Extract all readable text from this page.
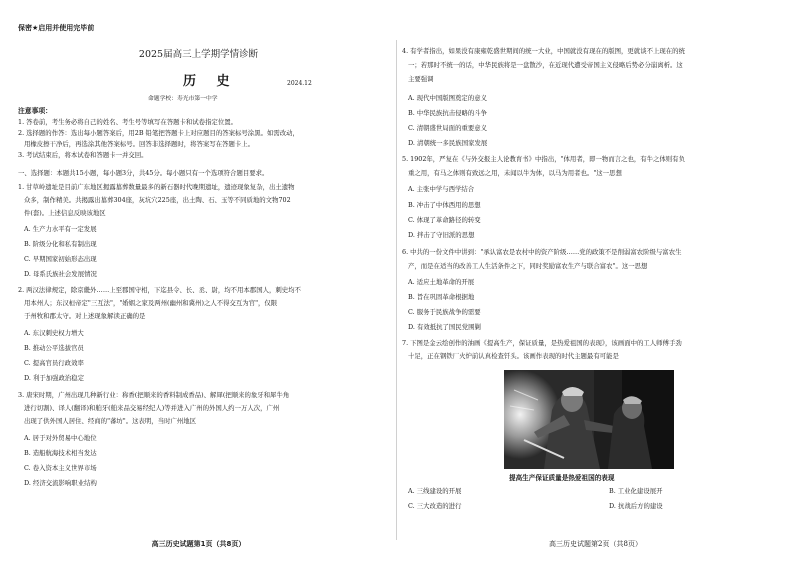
保密★启用并使用完毕前
2025届高三上学期学情诊断
历 史	2024.12
命题学校：寿光市第一中学
注意事项：
1. 答卷前，考生务必将自己的姓名、考生号等填写在答题卡和试卷指定位置。
2. 选择题的作答：选出每小题答案后，用2B 铅笔把答题卡上对应题目的答案标号涂黑。如需改动，
用橡皮擦干净后，再选涂其他答案标号。回答非选择题时，将答案写在答题卡上。
3. 考试结束后，将本试卷和答题卡一并交回。
一、选择题：本题共15小题，每小题3分，共45分。每小题只有一个选项符合题目要求。
1. 甘草岭遗址是目前广东地区揭露墓葬数量最多的新石器时代晚期遗址，遗迹现象复杂，出土遗物
众多，制作精美。共揭露出墓葬304座，灰坑穴225座，出土陶、石、玉等不同质地的文物702
件(套)。上述信息反映该地区
A. 生产力水平有一定发展
B. 阶级分化和私有制出现
C. 早期国家初始形态出现
D. 母系氏族社会发展情况
2. 两汉法律规定，除京畿外……上至郡国守相，下迄县令、长、丞、尉，均不用本郡国人，刺史均不
用本州人；东汉桓帝定"三互法"，"婚姻之家及两州(幽州和冀州)之人不得交互为官"，仅限
于州牧和郡太守。对上述现象解读正确的是
A. 东汉刺史权力增大
B. 推动公平选拔官员
C. 提高官员行政效率
D. 利于加强政治稳定
3. 唐宋时期，广州出现几种新行业：称香(把顺来的香料制成香品)、解犀(把顺来的象牙和犀牛角
进行切割)、译人(翻译)和舶牙(舶来品交易经纪人)等并进入广州的外国人约一万人次，广州
出现了供外国人居住、经商的"蕃坊"。这表明，当时广州地区
A. 居于对外贸易中心地位
B. 造船航海技术相当发达
C. 卷入资本主义世界市场
D. 经济交流影响职业结构
高三历史试题第1页（共8页）
4. 有学者指出，如果没有康雍乾盛世期间的统一大业，中国就没有现在的版图，更就谈不上现在的统
一；若那时不统一的话，中华民族将是一盘散沙，在近现代遭受帝国主义侵略后势必分崩离析。这
主要强调
A. 现代中国版图奠定的意义
B. 中华民族抗击侵略的斗争
C. 清朝盛世局面的重要意义
D. 清朝统一多民族国家发展
5. 1902年，严复在《与外交报主人论教育书》中指出，"体用者，即一物而言之也，有牛之体则有负
重之用，有马之体则有致远之用，未闻以牛为体，以马为用者也。"这一思想
A. 主张中学与西学结合
B. 冲击了中体西用的思想
C. 体现了革命路径的转变
D. 拌击了守旧派的思想
6. 中共的一份文件中讲到："承认富农是农村中的资产阶级……党的政策不是削弱富农阶级与富农生
产，而是在适当的改善工人生活条件之下，同时奖励富农生产与联合富农"。这一思想
A. 适应土地革命的开展
B. 旨在巩固革命根据地
C. 服务于民族战争的需要
D. 有效抵抗了国民党围剿
7. 下图是金云绘创作的油画《提高生产，保证质量，是热爱祖国的表现》，该画面中的工人师傅手劲
十足，正在钢铁厂火炉前认真检查钎头。该画作表现的时代主题最有可能是
提高生产保证质量是热爱祖国的表现
A. 三线建设的开展	B. 工业化建设展开
C. 三大改造的进行	D. 抗战后方的建设
高三历史试题第2页（共8页）
